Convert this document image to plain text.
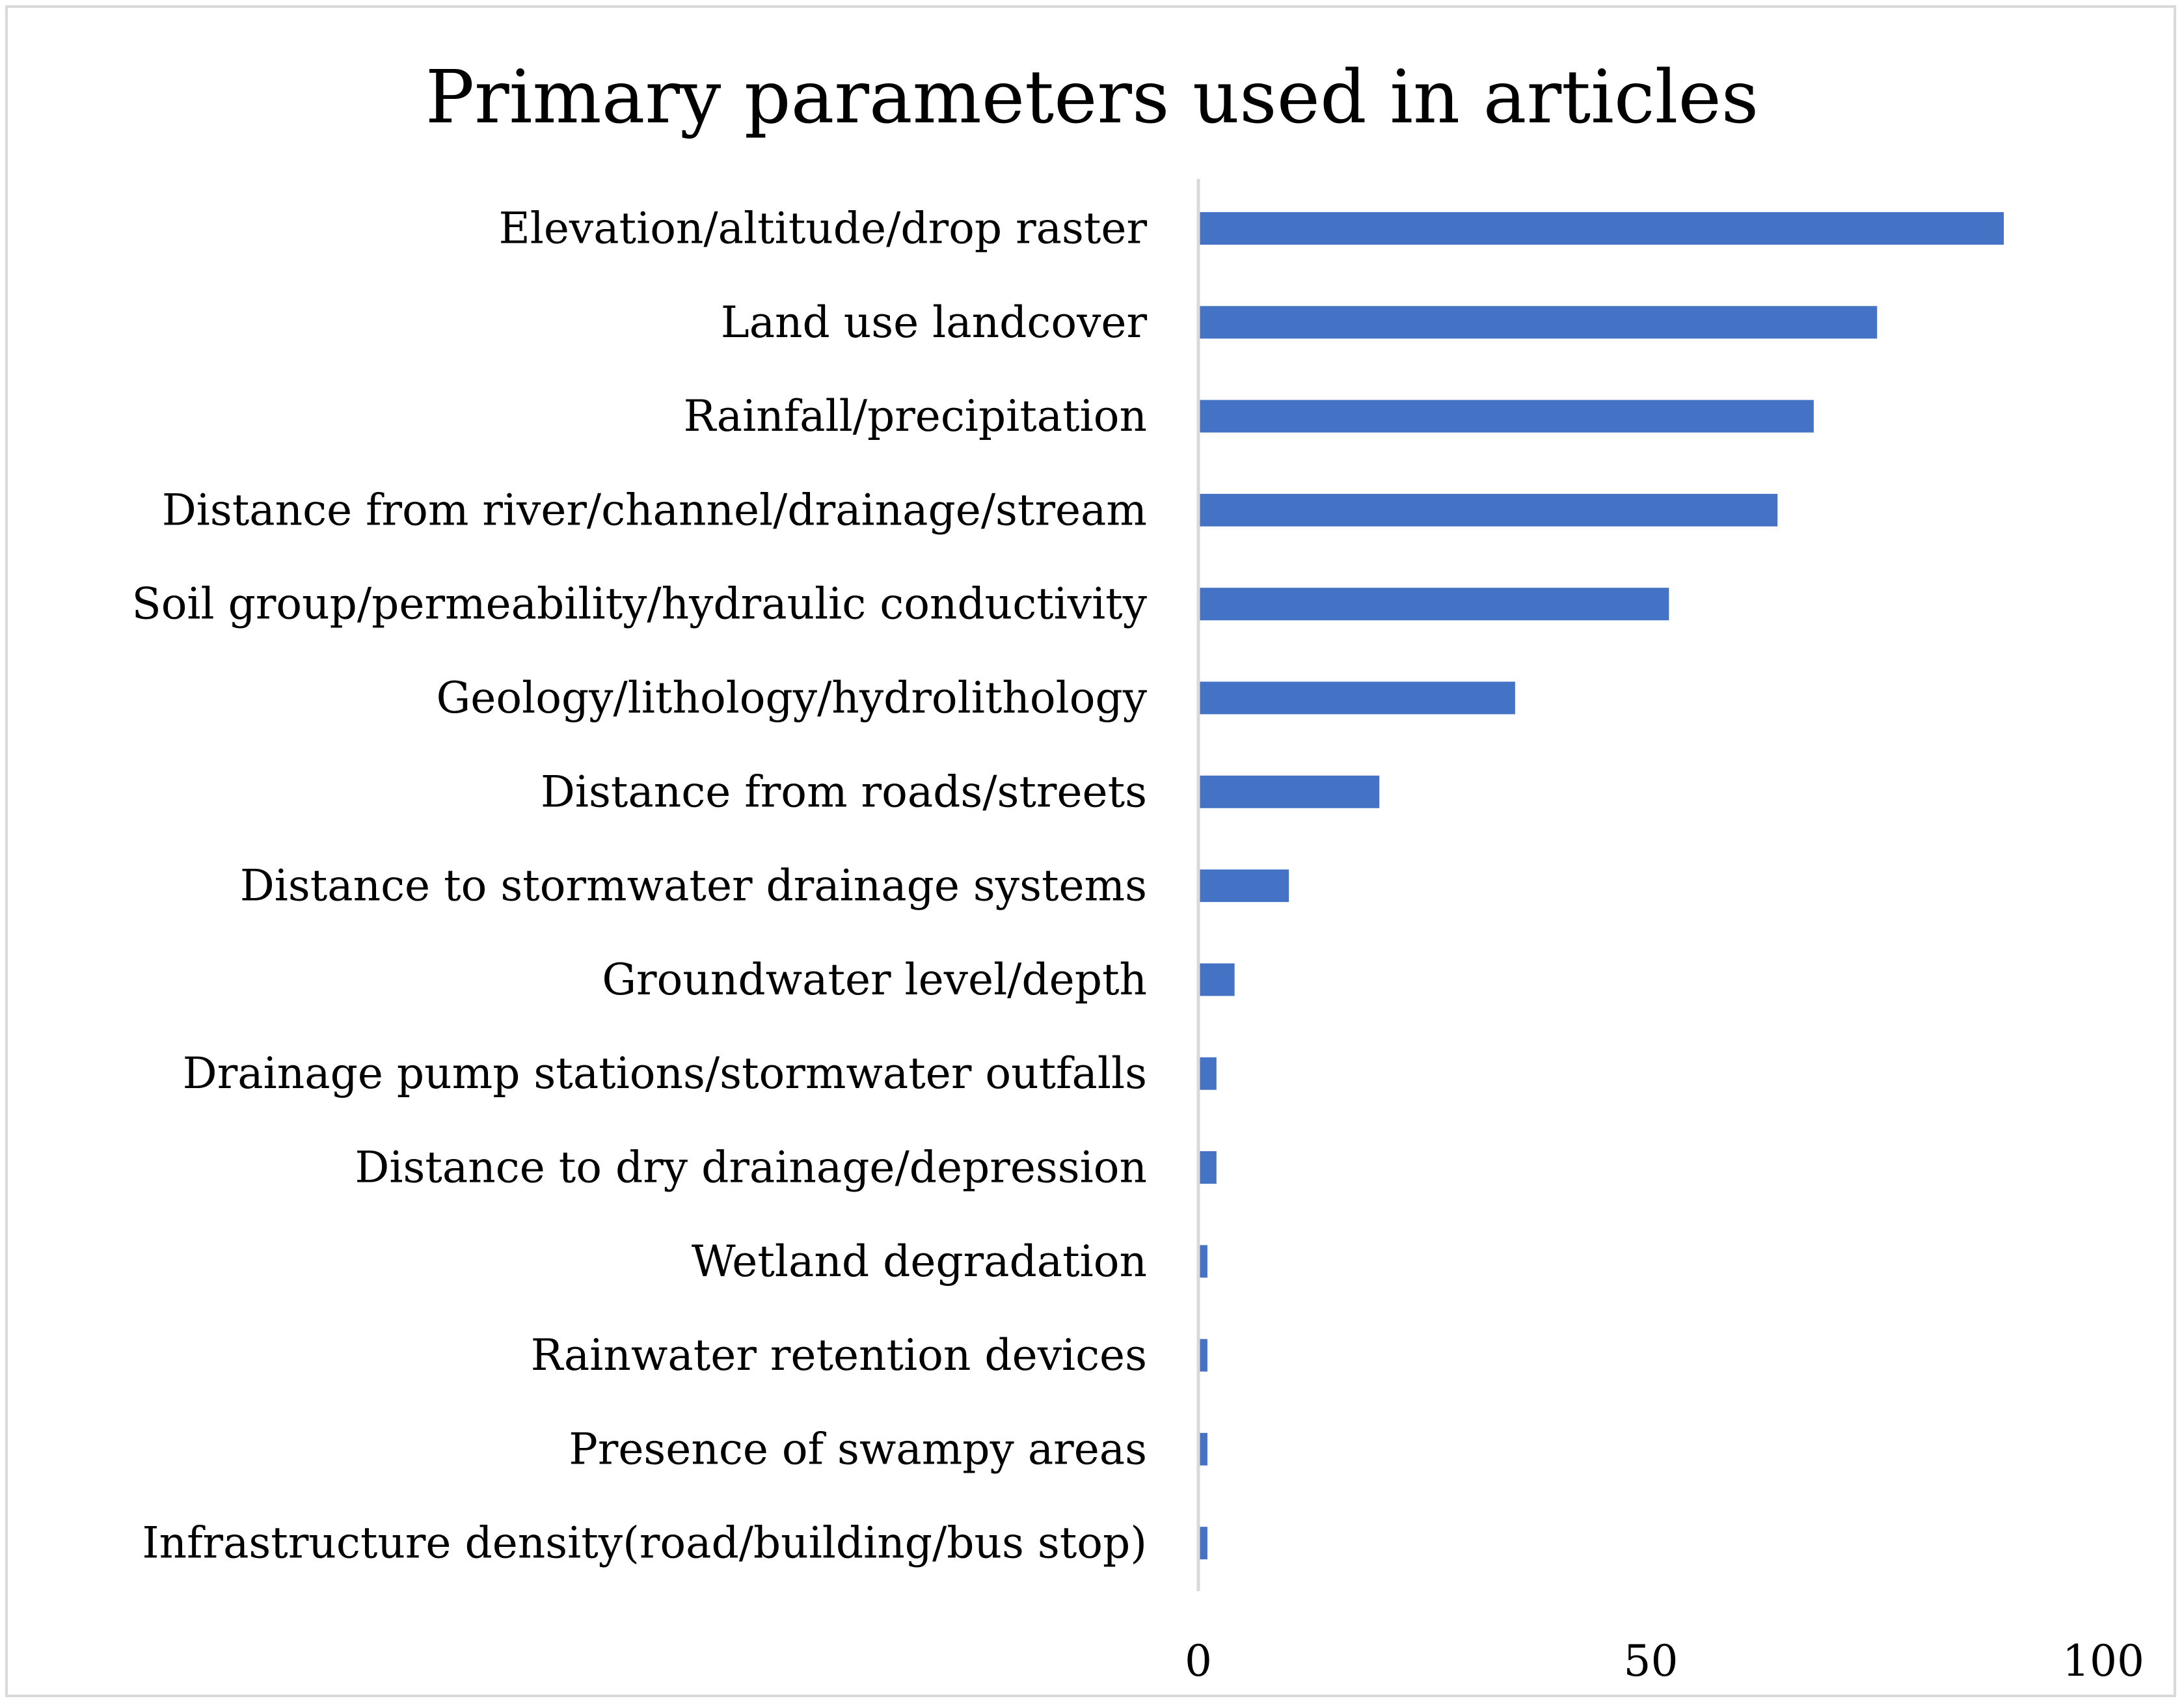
Primary parameters used in articles
Elevation/altitude/drop raster
Land use landcover
Rainfall/precipitation
Distance from river/channel/drainage/stream
Soil group/permeability/hydraulic conductivity
Geology/lithology/hydrolithology
Distance from roads/streets
Distance to stormwater drainage systems
Groundwater level/depth
Drainage pump stations/stormwater outfalls
Distance to dry drainage/depression
Wetland degradation
Rainwater retention devices
Presence of swampy areas
Infrastructure density(road/building/bus stop)
0	50	100
